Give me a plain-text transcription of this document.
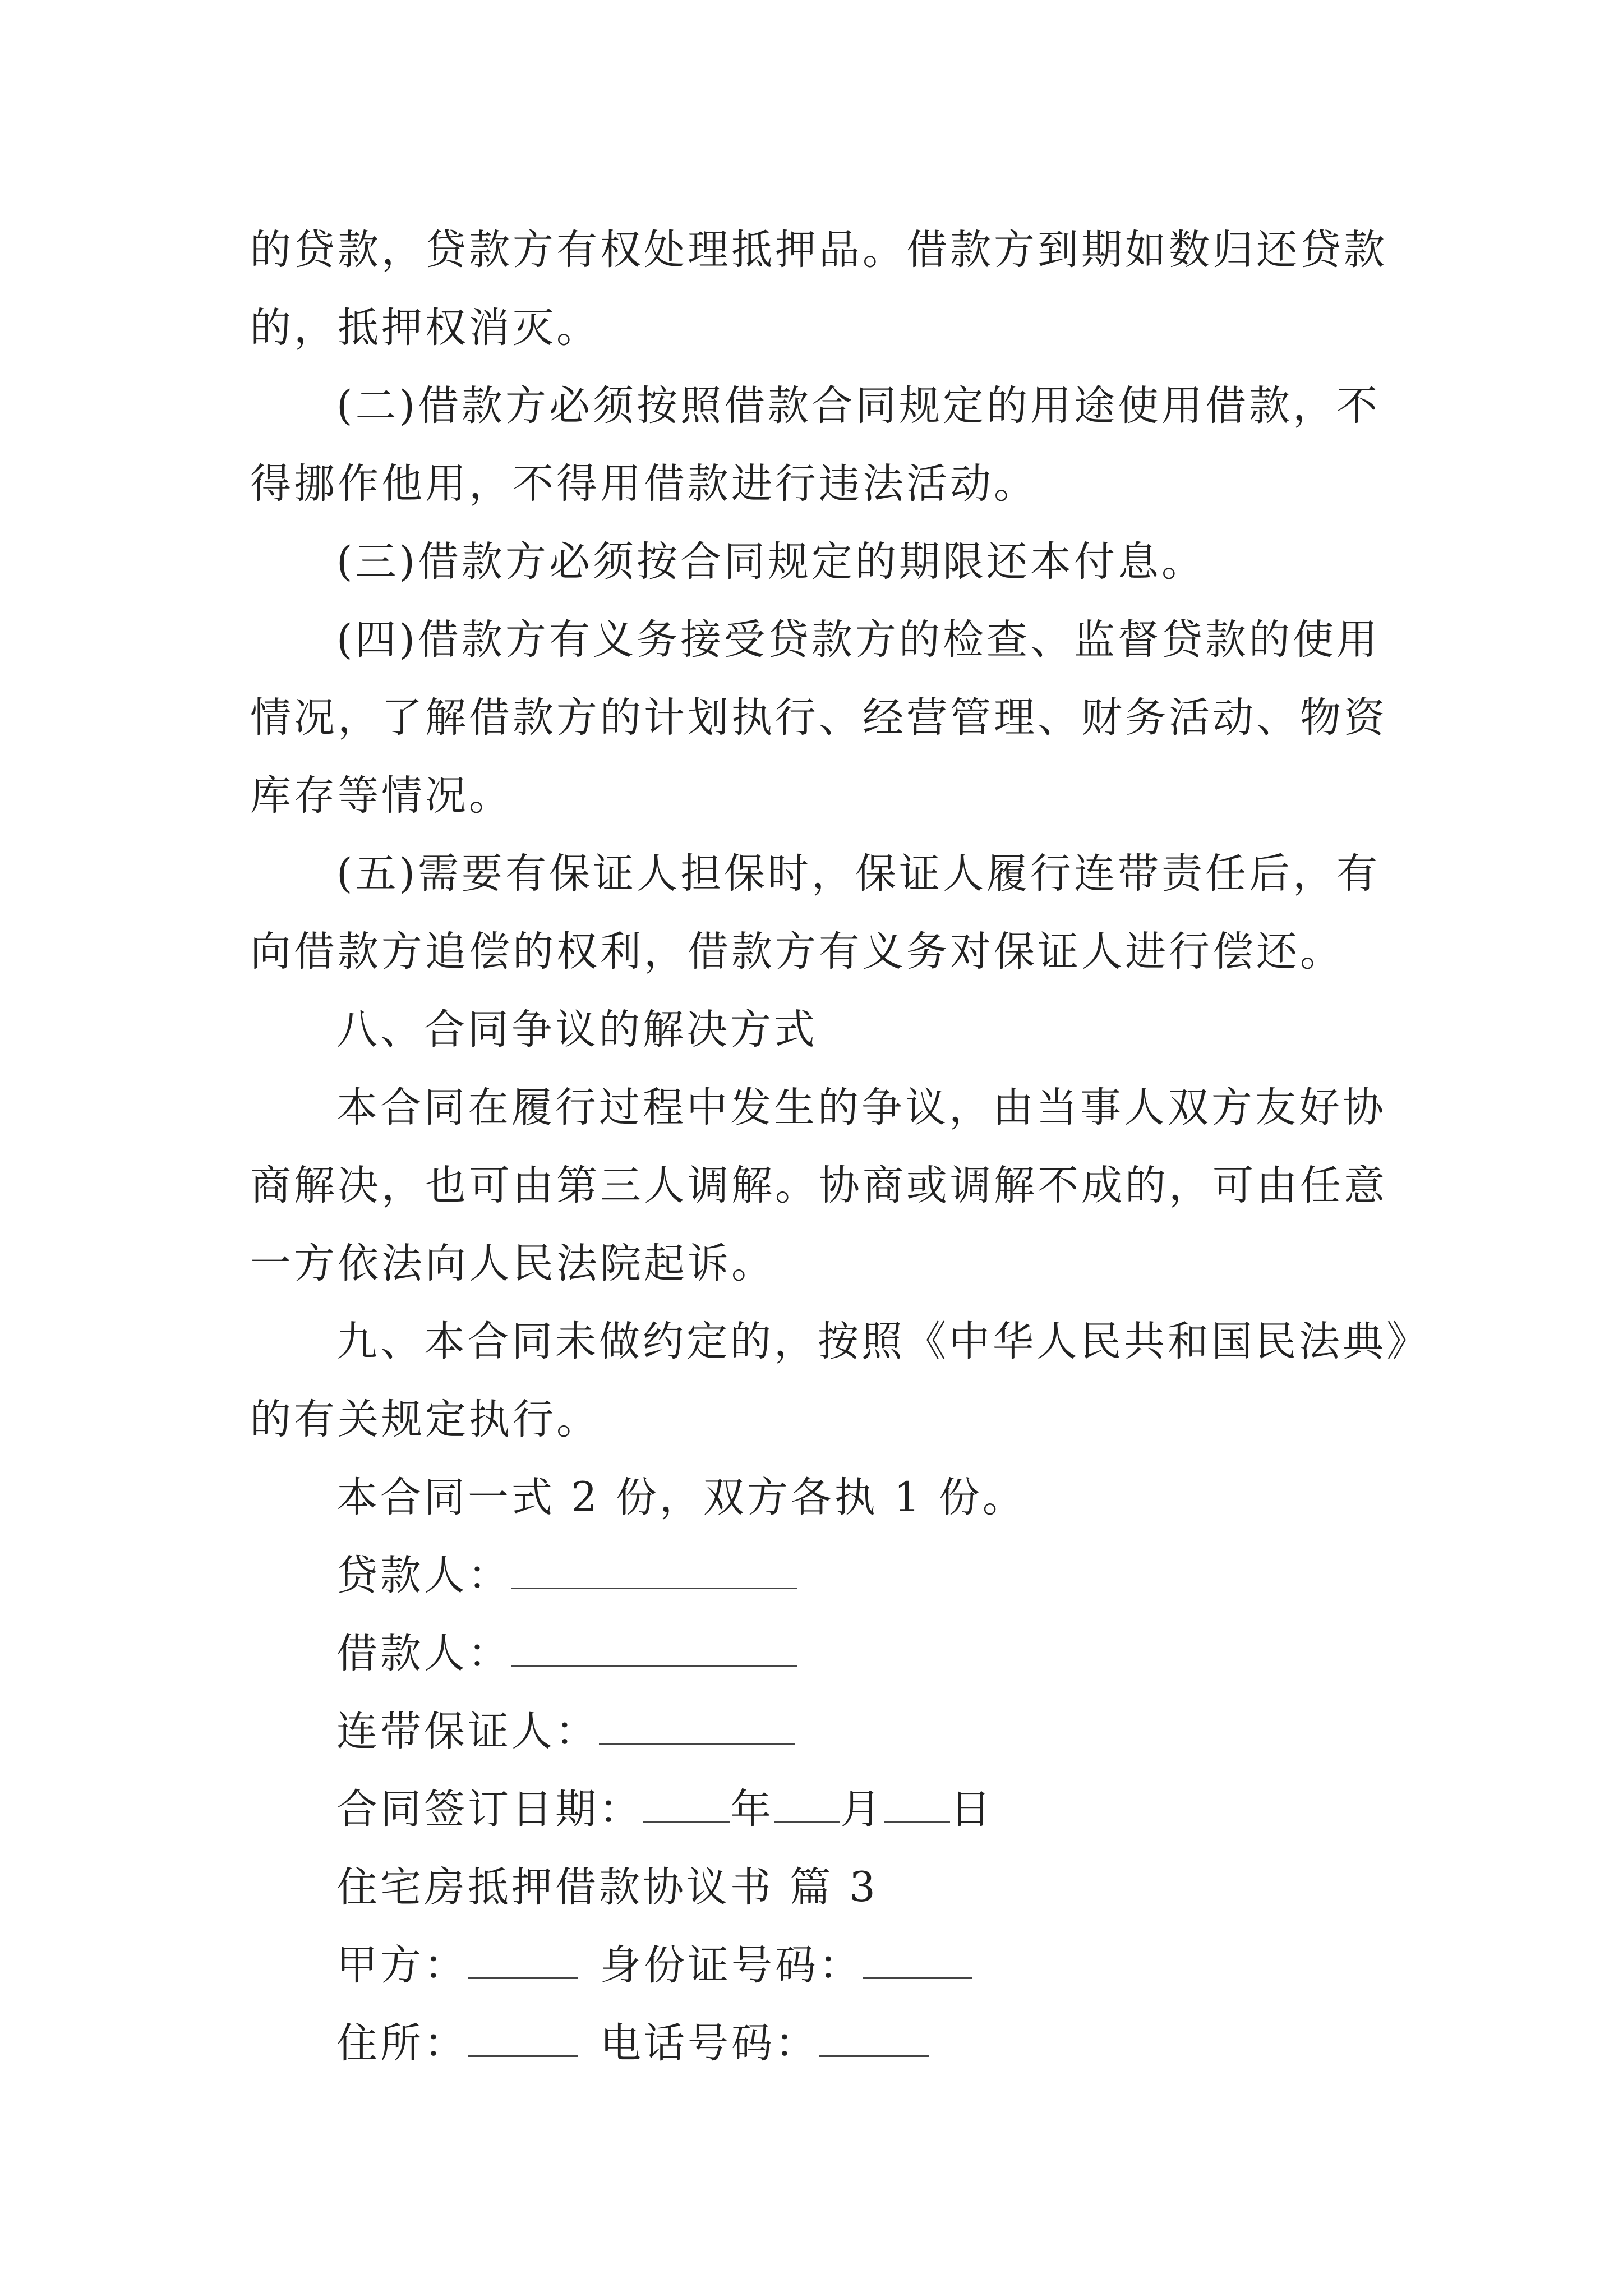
的贷款，贷款方有权处理抵押品。借款方到期如数归还贷款
的，抵押权消灭。
(二)借款方必须按照借款合同规定的用途使用借款，不
得挪作他用，不得用借款进行违法活动。
(三)借款方必须按合同规定的期限还本付息。
(四)借款方有义务接受贷款方的检查、监督贷款的使用
情况，了解借款方的计划执行、经营管理、财务活动、物资
库存等情况。
(五)需要有保证人担保时，保证人履行连带责任后，有
向借款方追偿的权利，借款方有义务对保证人进行偿还。
八、合同争议的解决方式
本合同在履行过程中发生的争议，由当事人双方友好协
商解决，也可由第三人调解。协商或调解不成的，可由任意
一方依法向人民法院起诉。
九、本合同未做约定的，按照《中华人民共和国民法典》
的有关规定执行。
本合同一式 2 份，双方各执 1 份。
贷款人：
借款人：
连带保证人：
合同签订日期： 年 月 日
住宅房抵押借款协议书 篇 3
甲方：	身份证号码：
住所：	电话号码：
